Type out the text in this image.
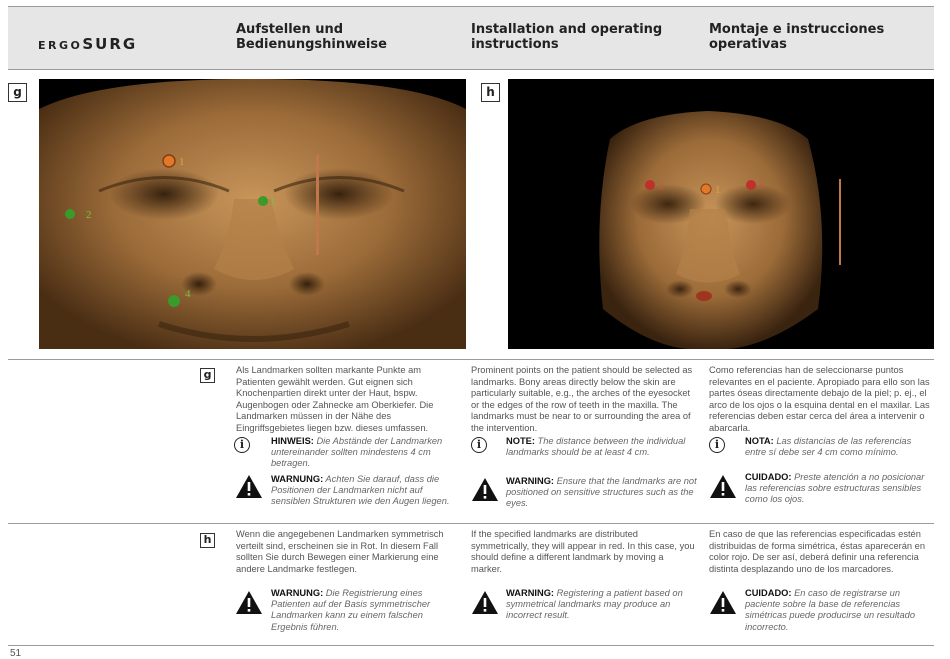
ERGOSURG
Aufstellen und Bedienungshinweise
Installation and operating instructions
Montaje e instrucciones operativas
g
1
2
3
4
h
2	1	3
g	Als Landmarken sollten markante Punkte am Patienten gewählt werden. Gut eignen sich Knochenpartien direkt unter der Haut, bspw. Augenbogen oder Zahnecke am Oberkiefer. Die Landmarken müssen in der Nähe des Eingriffsgebietes liegen bzw. dieses umfassen.
i	HINWEIS: Die Abstände der Landmarken untereinander sollten mindestens 4 cm betragen.
WARNUNG: Achten Sie darauf, dass die Positionen der Landmarken nicht auf sensiblen Strukturen wie den Augen liegen.
Prominent points on the patient should be selected as landmarks. Bony areas directly below the skin are particularly suitable, e.g., the arches of the eyesocket or the edges of the row of teeth in the maxilla. The landmarks must be near to or surrounding the area of the intervention.
i	NOTE: The distance between the individual landmarks should be at least 4 cm.
WARNING: Ensure that the landmarks are not positioned on sensitive structures such as the eyes.
Como referencias han de seleccionarse puntos relevantes en el paciente. Apropiado para ello son las partes óseas directamente debajo de la piel; p. ej., el arco de los ojos o la esquina dental en el maxilar. Las referencias deben estar cerca del área a intervenir o abarcarla.
i	NOTA: Las distancias de las referencias entre sí debe ser 4 cm como mínimo.
CUIDADO: Preste atención a no posicionar las referencias sobre estructuras sensibles como los ojos.
h	Wenn die angegebenen Landmarken symmetrisch verteilt sind, erscheinen sie in Rot. In diesem Fall sollten Sie durch Bewegen einer Markierung eine andere Landmarke festlegen.
WARNUNG: Die Registrierung eines Patienten auf der Basis symmetrischer Landmarken kann zu einem falschen Ergebnis führen.
If the specified landmarks are distributed symmetrically, they will appear in red. In this case, you should define a different landmark by moving a marker.
WARNING: Registering a patient based on symmetrical landmarks may produce an incorrect result.
En caso de que las referencias especificadas estén distribuidas de forma simétrica, éstas aparecerán en color rojo. De ser así, deberá definir una referencia distinta desplazando uno de los marcadores.
CUIDADO: En caso de registrarse un paciente sobre la base de referencias simétricas puede producirse un resultado incorrecto.
51
